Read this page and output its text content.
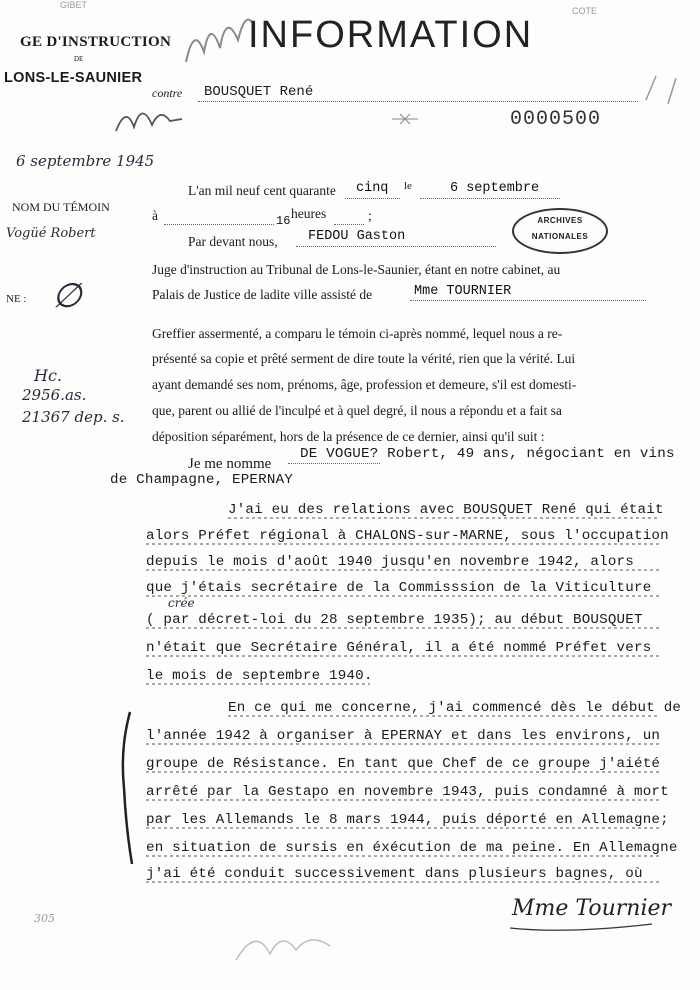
GIBET
COTE
GE D'INSTRUCTION
DE
LONS-LE-SAUNIER
INFORMATION
contre BOUSQUET René
0000500
6 septembre 1945
NOM DU TÉMOIN
Vogüé Robert
NE : ∅
Hc.
2956.as.
21367 dep. s.
L'an mil neuf cent quarante cinq le	6 septembre
à	16 heures	;	ARCHIVES
NATIONALES
Par devant nous, FEDOU Gaston
Juge d'instruction au Tribunal de Lons-le-Saunier, étant en notre cabinet, au
Palais de Justice de ladite ville assisté de	Mme TOURNIER
Greffier assermenté, a comparu le témoin ci-après nommé, lequel nous a re-
présenté sa copie et prêté serment de dire toute la vérité, rien que la vérité. Lui
ayant demandé ses nom, prénoms, âge, profession et demeure, s'il est domesti-
que, parent ou allié de l'inculpé et à quel degré, il nous a répondu et a fait sa
déposition séparément, hors de la présence de ce dernier, ainsi qu'il suit :
Je me nomme
DE VOGUE? Robert, 49 ans, négociant en vins
de Champagne, EPERNAY
J'ai eu des relations avec BOUSQUET René qui était
alors Préfet régional à CHALONS-sur-MARNE, sous l'occupation
depuis le mois d'août 1940 jusqu'en novembre 1942, alors
que j'étais secrétaire de la Commisssion de la Viticulture
crée
( par décret-loi du 28 septembre 1935); au début BOUSQUET
n'était que Secrétaire Général, il a été nommé Préfet vers
le mois de septembre 1940.
En ce qui me concerne, j'ai commencé dès le début de
l'année 1942 à organiser à EPERNAY et dans les environs, un
groupe de Résistance. En tant que Chef de ce groupe j'aiété
arrêté par la Gestapo en novembre 1943, puis condamné à mort
par les Allemands le 8 mars 1944, puis déporté en Allemagne;
en situation de sursis en éxécution de ma peine. En Allemagne
j'ai été conduit successivement dans plusieurs bagnes, où
Mme Tournier
305
